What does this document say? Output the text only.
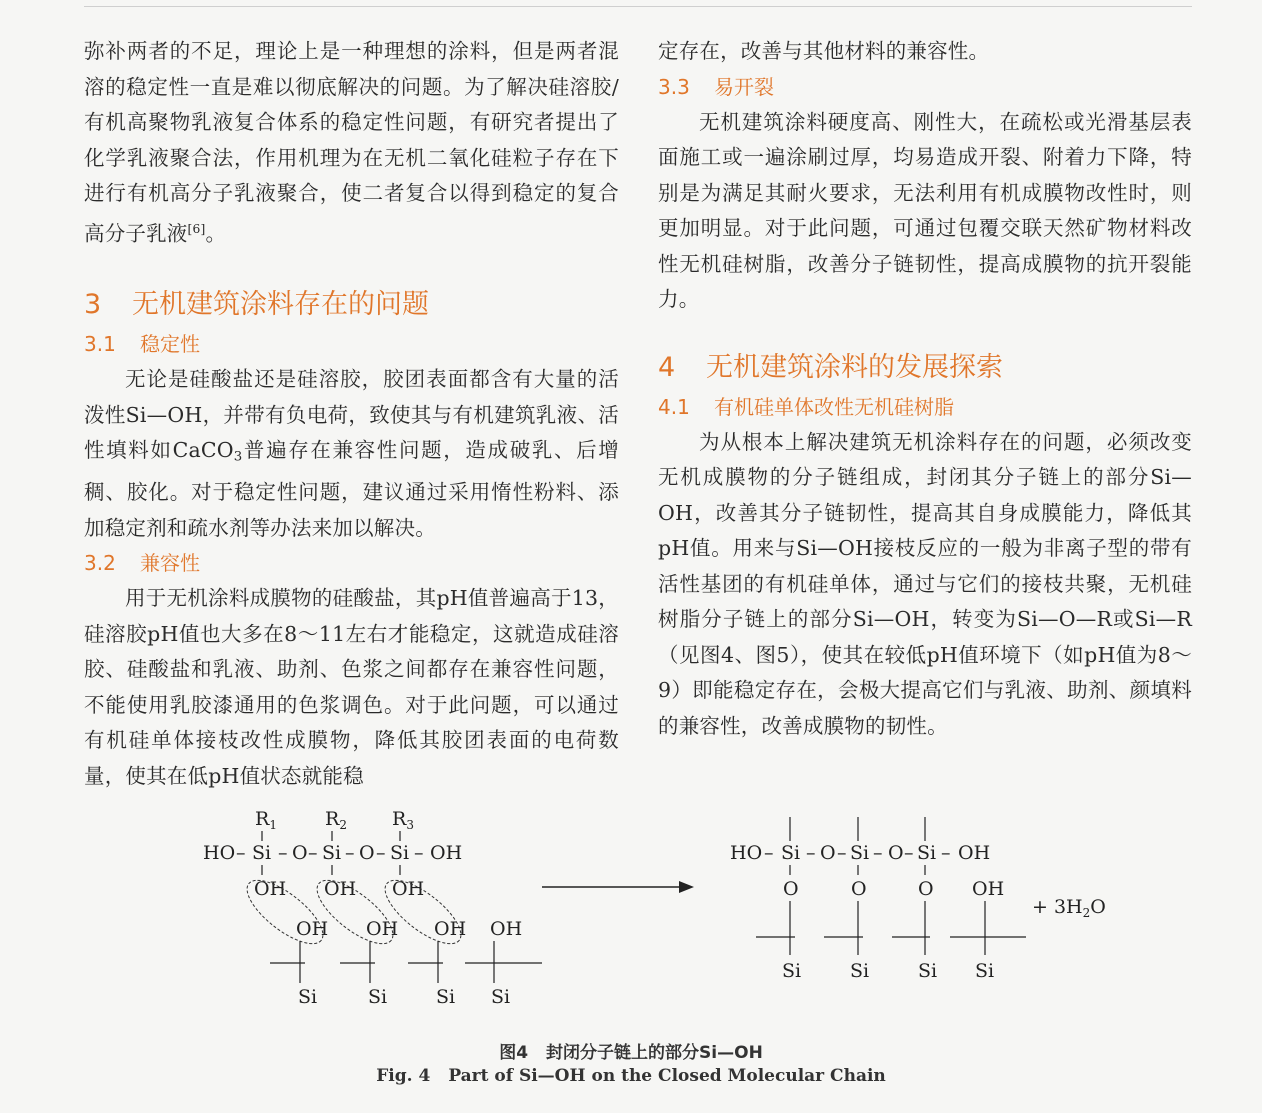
弥补两者的不足，理论上是一种理想的涂料，但是两者混溶的稳定性一直是难以彻底解决的问题。为了解决硅溶胶/有机高聚物乳液复合体系的稳定性问题，有研究者提出了化学乳液聚合法，作用机理为在无机二氧化硅粒子存在下进行有机高分子乳液聚合，使二者复合以得到稳定的复合高分子乳液[6]。

3 无机建筑涂料存在的问题
3.1 稳定性

无论是硅酸盐还是硅溶胶，胶团表面都含有大量的活泼性Si—OH，并带有负电荷，致使其与有机建筑乳液、活性填料如CaCO$_3$普遍存在兼容性问题，造成破乳、后增稠、胶化。对于稳定性问题，建议通过采用惰性粉料、添加稳定剂和疏水剂等办法来加以解决。

3.2 兼容性

用于无机涂料成膜物的硅酸盐，其pH值普遍高于13，硅溶胶pH值也大多在8～11左右才能稳定，这就造成硅溶胶、硅酸盐和乳液、助剂、色浆之间都存在兼容性问题，不能使用乳胶漆通用的色浆调色。对于此问题，可以通过有机硅单体接枝改性成膜物，降低其胶团表面的电荷数量，使其在低pH值状态就能稳

定存在，改善与其他材料的兼容性。

3.3 易开裂

无机建筑涂料硬度高、刚性大，在疏松或光滑基层表面施工或一遍涂刷过厚，均易造成开裂、附着力下降，特别是为满足其耐火要求，无法利用有机成膜物改性时，则更加明显。对于此问题，可通过包覆交联天然矿物材料改性无机硅树脂，改善分子链韧性，提高成膜物的抗开裂能力。

4 无机建筑涂料的发展探索
4.1 有机硅单体改性无机硅树脂

为从根本上解决建筑无机涂料存在的问题，必须改变无机成膜物的分子链组成，封闭其分子链上的部分Si—OH，改善其分子链韧性，提高其自身成膜能力，降低其pH值。用来与Si—OH接枝反应的一般为非离子型的带有活性基团的有机硅单体，通过与它们的接枝共聚，无机硅树脂分子链上的部分Si—OH，转变为Si—O—R或Si—R（见图4、图5），使其在较低pH值环境下（如pH值为8～9）即能稳定存在，会极大提高它们与乳液、助剂、颜填料的兼容性，改善成膜物的韧性。

$R_1$	$R_2$ $R_3$
HO – Si – O – Si – O – Si – OH
OH OH OH
OH OH OH OH
Si	Si	Si Si
HO – Si – O – Si – O – Si – OH
O	O	O OH
Si	Si	Si Si
+ $3H_2O$
图4 封闭分子链上的部分Si—OH
Fig. 4 Part of Si—OH on the Closed Molecular Chain
